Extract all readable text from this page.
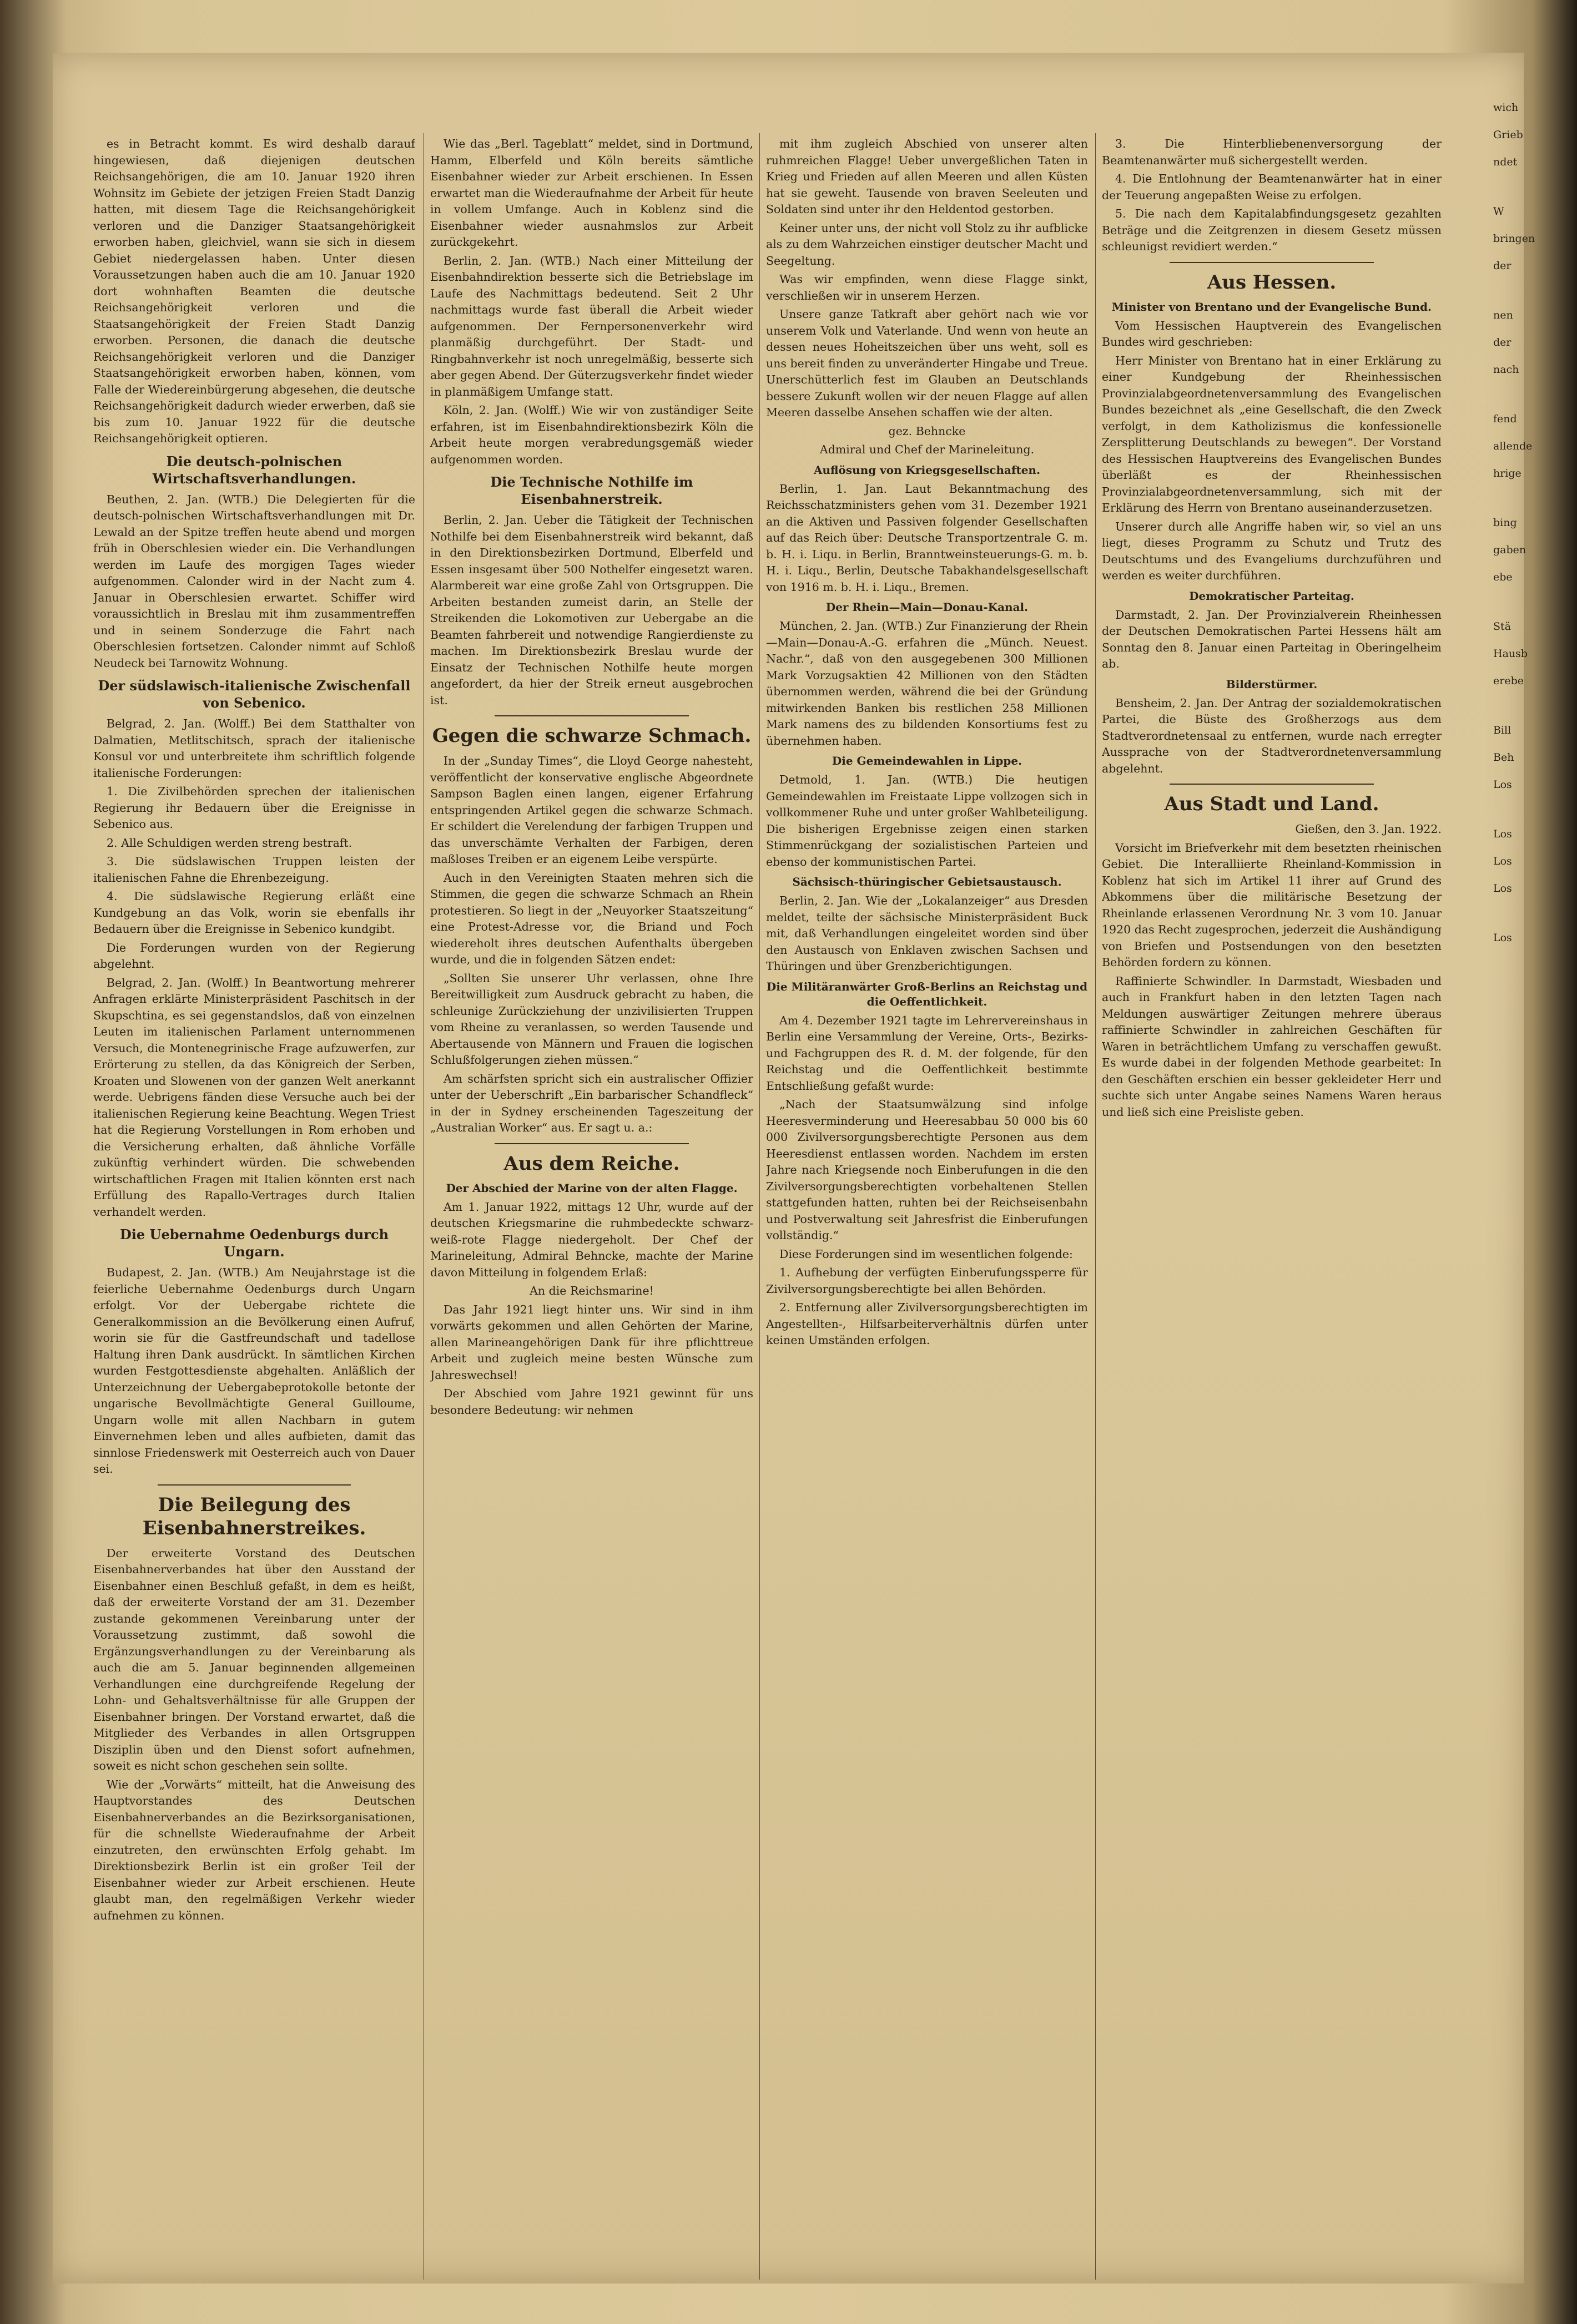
es in Betracht kommt. Es wird deshalb darauf hingewiesen, daß diejenigen deutschen Reichsangehörigen, die am 10. Januar 1920 ihren Wohnsitz im Gebiete der jetzigen Freien Stadt Danzig hatten, mit diesem Tage die Reichsangehörigkeit verloren und die Danziger Staatsangehörigkeit erworben haben, gleichviel, wann sie sich in diesem Gebiet niedergelassen haben. Unter diesen Voraussetzungen haben auch die am 10. Januar 1920 dort wohnhaften Beamten die deutsche Reichsangehörigkeit verloren und die Staatsangehörigkeit der Freien Stadt Danzig erworben. Personen, die danach die deutsche Reichsangehörigkeit verloren und die Danziger Staatsangehörigkeit erworben haben, können, vom Falle der Wiedereinbürgerung abgesehen, die deutsche Reichsangehörigkeit dadurch wieder erwerben, daß sie bis zum 10. Januar 1922 für die deutsche Reichsangehörigkeit optieren.

Die deutsch-polnischen Wirtschaftsverhandlungen.

Beuthen, 2. Jan. (WTB.) Die Delegierten für die deutsch-polnischen Wirtschaftsverhandlungen mit Dr. Lewald an der Spitze treffen heute abend und morgen früh in Oberschlesien wieder ein. Die Verhandlungen werden im Laufe des morgigen Tages wieder aufgenommen. Calonder wird in der Nacht zum 4. Januar in Oberschlesien erwartet. Schiffer wird voraussichtlich in Breslau mit ihm zusammentreffen und in seinem Sonderzuge die Fahrt nach Oberschlesien fortsetzen. Calonder nimmt auf Schloß Neudeck bei Tarnowitz Wohnung.

Der südslawisch-italienische Zwischenfall von Sebenico.

Belgrad, 2. Jan. (Wolff.) Bei dem Statthalter von Dalmatien, Metlitschitsch, sprach der italienische Konsul vor und unterbreitete ihm schriftlich folgende italienische Forderungen:

1. Die Zivilbehörden sprechen der italienischen Regierung ihr Bedauern über die Ereignisse in Sebenico aus.

2. Alle Schuldigen werden streng bestraft.

3. Die südslawischen Truppen leisten der italienischen Fahne die Ehrenbezeigung.

4. Die südslawische Regierung erläßt eine Kundgebung an das Volk, worin sie ebenfalls ihr Bedauern über die Ereignisse in Sebenico kundgibt.

Die Forderungen wurden von der Regierung abgelehnt.

Belgrad, 2. Jan. (Wolff.) In Beantwortung mehrerer Anfragen erklärte Ministerpräsident Paschitsch in der Skupschtina, es sei gegenstandslos, daß von einzelnen Leuten im italienischen Parlament unternommenen Versuch, die Montenegrinische Frage aufzuwerfen, zur Erörterung zu stellen, da das Königreich der Serben, Kroaten und Slowenen von der ganzen Welt anerkannt werde. Uebrigens fänden diese Versuche auch bei der italienischen Regierung keine Beachtung. Wegen Triest hat die Regierung Vorstellungen in Rom erhoben und die Versicherung erhalten, daß ähnliche Vorfälle zukünftig verhindert würden. Die schwebenden wirtschaftlichen Fragen mit Italien könnten erst nach Erfüllung des Rapallo-Vertrages durch Italien verhandelt werden.

Die Uebernahme Oedenburgs durch Ungarn.

Budapest, 2. Jan. (WTB.) Am Neujahrstage ist die feierliche Uebernahme Oedenburgs durch Ungarn erfolgt. Vor der Uebergabe richtete die Generalkommission an die Bevölkerung einen Aufruf, worin sie für die Gastfreundschaft und tadellose Haltung ihren Dank ausdrückt. In sämtlichen Kirchen wurden Festgottesdienste abgehalten. Anläßlich der Unterzeichnung der Uebergabeprotokolle betonte der ungarische Bevollmächtigte General Guilloume, Ungarn wolle mit allen Nachbarn in gutem Einvernehmen leben und alles aufbieten, damit das sinnlose Friedenswerk mit Oesterreich auch von Dauer sei.

Die Beilegung des Eisenbahnerstreikes.

Der erweiterte Vorstand des Deutschen Eisenbahnerverbandes hat über den Ausstand der Eisenbahner einen Beschluß gefaßt, in dem es heißt, daß der erweiterte Vorstand der am 31. Dezember zustande gekommenen Vereinbarung unter der Voraussetzung zustimmt, daß sowohl die Ergänzungsverhandlungen zu der Vereinbarung als auch die am 5. Januar beginnenden allgemeinen Verhandlungen eine durchgreifende Regelung der Lohn- und Gehaltsverhältnisse für alle Gruppen der Eisenbahner bringen. Der Vorstand erwartet, daß die Mitglieder des Verbandes in allen Ortsgruppen Disziplin üben und den Dienst sofort aufnehmen, soweit es nicht schon geschehen sein sollte.

Wie der „Vorwärts“ mitteilt, hat die Anweisung des Hauptvorstandes des Deutschen Eisenbahnerverbandes an die Bezirksorganisationen, für die schnellste Wiederaufnahme der Arbeit einzutreten, den erwünschten Erfolg gehabt. Im Direktionsbezirk Berlin ist ein großer Teil der Eisenbahner wieder zur Arbeit erschienen. Heute glaubt man, den regelmäßigen Verkehr wieder aufnehmen zu können.

Wie das „Berl. Tageblatt“ meldet, sind in Dortmund, Hamm, Elberfeld und Köln bereits sämtliche Eisenbahner wieder zur Arbeit erschienen. In Essen erwartet man die Wiederaufnahme der Arbeit für heute in vollem Umfange. Auch in Koblenz sind die Eisenbahner wieder ausnahmslos zur Arbeit zurückgekehrt.

Berlin, 2. Jan. (WTB.) Nach einer Mitteilung der Eisenbahndirektion besserte sich die Betriebslage im Laufe des Nachmittags bedeutend. Seit 2 Uhr nachmittags wurde fast überall die Arbeit wieder aufgenommen. Der Fernpersonenverkehr wird planmäßig durchgeführt. Der Stadt- und Ringbahnverkehr ist noch unregelmäßig, besserte sich aber gegen Abend. Der Güterzugsverkehr findet wieder in planmäßigem Umfange statt.

Köln, 2. Jan. (Wolff.) Wie wir von zuständiger Seite erfahren, ist im Eisenbahndirektionsbezirk Köln die Arbeit heute morgen verabredungsgemäß wieder aufgenommen worden.

Die Technische Nothilfe im Eisenbahnerstreik.

Berlin, 2. Jan. Ueber die Tätigkeit der Technischen Nothilfe bei dem Eisenbahnerstreik wird bekannt, daß in den Direktionsbezirken Dortmund, Elberfeld und Essen insgesamt über 500 Nothelfer eingesetzt waren. Alarmbereit war eine große Zahl von Ortsgruppen. Die Arbeiten bestanden zumeist darin, an Stelle der Streikenden die Lokomotiven zur Uebergabe an die Beamten fahrbereit und notwendige Rangierdienste zu machen. Im Direktionsbezirk Breslau wurde der Einsatz der Technischen Nothilfe heute morgen angefordert, da hier der Streik erneut ausgebrochen ist.

Gegen die schwarze Schmach.

In der „Sunday Times“, die Lloyd George nahesteht, veröffentlicht der konservative englische Abgeordnete Sampson Baglen einen langen, eigener Erfahrung entspringenden Artikel gegen die schwarze Schmach. Er schildert die Verelendung der farbigen Truppen und das unverschämte Verhalten der Farbigen, deren maßloses Treiben er an eigenem Leibe verspürte.

Auch in den Vereinigten Staaten mehren sich die Stimmen, die gegen die schwarze Schmach an Rhein protestieren. So liegt in der „Neuyorker Staatszeitung“ eine Protest-Adresse vor, die Briand und Foch wiedereholt ihres deutschen Aufenthalts übergeben wurde, und die in folgenden Sätzen endet:

„Sollten Sie unserer Uhr verlassen, ohne Ihre Bereitwilligkeit zum Ausdruck gebracht zu haben, die schleunige Zurückziehung der unzivilisierten Truppen vom Rheine zu veranlassen, so werden Tausende und Abertausende von Männern und Frauen die logischen Schlußfolgerungen ziehen müssen.“

Am schärfsten spricht sich ein australischer Offizier unter der Ueberschrift „Ein barbarischer Schandfleck“ in der in Sydney erscheinenden Tageszeitung der „Australian Worker“ aus. Er sagt u. a.:

Aus dem Reiche.
Der Abschied der Marine von der alten Flagge.

Am 1. Januar 1922, mittags 12 Uhr, wurde auf der deutschen Kriegsmarine die ruhmbedeckte schwarz-weiß-rote Flagge niedergeholt. Der Chef der Marineleitung, Admiral Behncke, machte der Marine davon Mitteilung in folgendem Erlaß:

An die Reichsmarine!

Das Jahr 1921 liegt hinter uns. Wir sind in ihm vorwärts gekommen und allen Gehörten der Marine, allen Marineangehörigen Dank für ihre pflichttreue Arbeit und zugleich meine besten Wünsche zum Jahreswechsel!

Der Abschied vom Jahre 1921 gewinnt für uns besondere Bedeutung: wir nehmen

mit ihm zugleich Abschied von unserer alten ruhmreichen Flagge! Ueber unvergeßlichen Taten in Krieg und Frieden auf allen Meeren und allen Küsten hat sie geweht. Tausende von braven Seeleuten und Soldaten sind unter ihr den Heldentod gestorben.

Keiner unter uns, der nicht voll Stolz zu ihr aufblicke als zu dem Wahrzeichen einstiger deutscher Macht und Seegeltung.

Was wir empfinden, wenn diese Flagge sinkt, verschließen wir in unserem Herzen.

Unsere ganze Tatkraft aber gehört nach wie vor unserem Volk und Vaterlande. Und wenn von heute an dessen neues Hoheitszeichen über uns weht, soll es uns bereit finden zu unveränderter Hingabe und Treue. Unerschütterlich fest im Glauben an Deutschlands bessere Zukunft wollen wir der neuen Flagge auf allen Meeren dasselbe Ansehen schaffen wie der alten.

gez. Behncke

Admiral und Chef der Marineleitung.

Auflösung von Kriegsgesellschaften.

Berlin, 1. Jan. Laut Bekanntmachung des Reichsschatzministers gehen vom 31. Dezember 1921 an die Aktiven und Passiven folgender Gesellschaften auf das Reich über: Deutsche Transportzentrale G. m. b. H. i. Liqu. in Berlin, Branntweinsteuerungs-G. m. b. H. i. Liqu., Berlin, Deutsche Tabakhandelsgesellschaft von 1916 m. b. H. i. Liqu., Bremen.

Der Rhein—Main—Donau-Kanal.

München, 2. Jan. (WTB.) Zur Finanzierung der Rhein—Main—Donau-A.-G. erfahren die „Münch. Neuest. Nachr.“, daß von den ausgegebenen 300 Millionen Mark Vorzugsaktien 42 Millionen von den Städten übernommen werden, während die bei der Gründung mitwirkenden Banken bis restlichen 258 Millionen Mark namens des zu bildenden Konsortiums fest zu übernehmen haben.

Die Gemeindewahlen in Lippe.

Detmold, 1. Jan. (WTB.) Die heutigen Gemeindewahlen im Freistaate Lippe vollzogen sich in vollkommener Ruhe und unter großer Wahlbeteiligung. Die bisherigen Ergebnisse zeigen einen starken Stimmenrückgang der sozialistischen Parteien und ebenso der kommunistischen Partei.

Sächsisch-thüringischer Gebietsaustausch.

Berlin, 2. Jan. Wie der „Lokalanzeiger“ aus Dresden meldet, teilte der sächsische Ministerpräsident Buck mit, daß Verhandlungen eingeleitet worden sind über den Austausch von Enklaven zwischen Sachsen und Thüringen und über Grenzberichtigungen.

Die Militäranwärter Groß-Berlins an Reichstag und die Oeffentlichkeit.

Am 4. Dezember 1921 tagte im Lehrervereinshaus in Berlin eine Versammlung der Vereine, Orts-, Bezirks- und Fachgruppen des R. d. M. der folgende, für den Reichstag und die Oeffentlichkeit bestimmte Entschließung gefaßt wurde:

„Nach der Staatsumwälzung sind infolge Heeresverminderung und Heeresabbau 50 000 bis 60 000 Zivilversorgungsberechtigte Personen aus dem Heeresdienst entlassen worden. Nachdem im ersten Jahre nach Kriegsende noch Einberufungen in die den Zivilversorgungsberechtigten vorbehaltenen Stellen stattgefunden hatten, ruhten bei der Reichseisenbahn und Postverwaltung seit Jahresfrist die Einberufungen vollständig.“

Diese Forderungen sind im wesentlichen folgende:

1. Aufhebung der verfügten Einberufungssperre für Zivilversorgungsberechtigte bei allen Behörden.

2. Entfernung aller Zivilversorgungsberechtigten im Angestellten-, Hilfsarbeiterverhältnis dürfen unter keinen Umständen erfolgen.

3. Die Hinterbliebenenversorgung der Beamtenanwärter muß sichergestellt werden.

4. Die Entlohnung der Beamtenanwärter hat in einer der Teuerung angepaßten Weise zu erfolgen.

5. Die nach dem Kapitalabfindungsgesetz gezahlten Beträge und die Zeitgrenzen in diesem Gesetz müssen schleunigst revidiert werden.“

Aus Hessen.
Minister von Brentano und der Evangelische Bund.

Vom Hessischen Hauptverein des Evangelischen Bundes wird geschrieben:

Herr Minister von Brentano hat in einer Erklärung zu einer Kundgebung der Rheinhessischen Provinzialabgeordnetenversammlung des Evangelischen Bundes bezeichnet als „eine Gesellschaft, die den Zweck verfolgt, in dem Katholizismus die konfessionelle Zersplitterung Deutschlands zu bewegen“. Der Vorstand des Hessischen Hauptvereins des Evangelischen Bundes überläßt es der Rheinhessischen Provinzialabgeordnetenversammlung, sich mit der Erklärung des Herrn von Brentano auseinanderzusetzen.

Unserer durch alle Angriffe haben wir, so viel an uns liegt, dieses Programm zu Schutz und Trutz des Deutschtums und des Evangeliums durchzuführen und werden es weiter durchführen.

Demokratischer Parteitag.

Darmstadt, 2. Jan. Der Provinzialverein Rheinhessen der Deutschen Demokratischen Partei Hessens hält am Sonntag den 8. Januar einen Parteitag in Oberingelheim ab.

Bilderstürmer.

Bensheim, 2. Jan. Der Antrag der sozialdemokratischen Partei, die Büste des Großherzogs aus dem Stadtverordnetensaal zu entfernen, wurde nach erregter Aussprache von der Stadtverordnetenversammlung abgelehnt.

Aus Stadt und Land.

Gießen, den 3. Jan. 1922.

Vorsicht im Briefverkehr mit dem besetzten rheinischen Gebiet. Die Interalliierte Rheinland-Kommission in Koblenz hat sich im Artikel 11 ihrer auf Grund des Abkommens über die militärische Besetzung der Rheinlande erlassenen Verordnung Nr. 3 vom 10. Januar 1920 das Recht zugesprochen, jederzeit die Aushändigung von Briefen und Postsendungen von den besetzten Behörden fordern zu können.

Raffinierte Schwindler. In Darmstadt, Wiesbaden und auch in Frankfurt haben in den letzten Tagen nach Meldungen auswärtiger Zeitungen mehrere überaus raffinierte Schwindler in zahlreichen Geschäften für Waren in beträchtlichem Umfang zu verschaffen gewußt. Es wurde dabei in der folgenden Methode gearbeitet: In den Geschäften erschien ein besser gekleideter Herr und suchte sich unter Angabe seines Namens Waren heraus und ließ sich eine Preisliste geben.

wich
Grieb
ndet
W
bringen
der
nen
der
nach
fend
allende
hrige
bing
gaben
ebe
Stä
Hausb
erebe
Bill
Beh
Los
Los
Los
Los
Los
